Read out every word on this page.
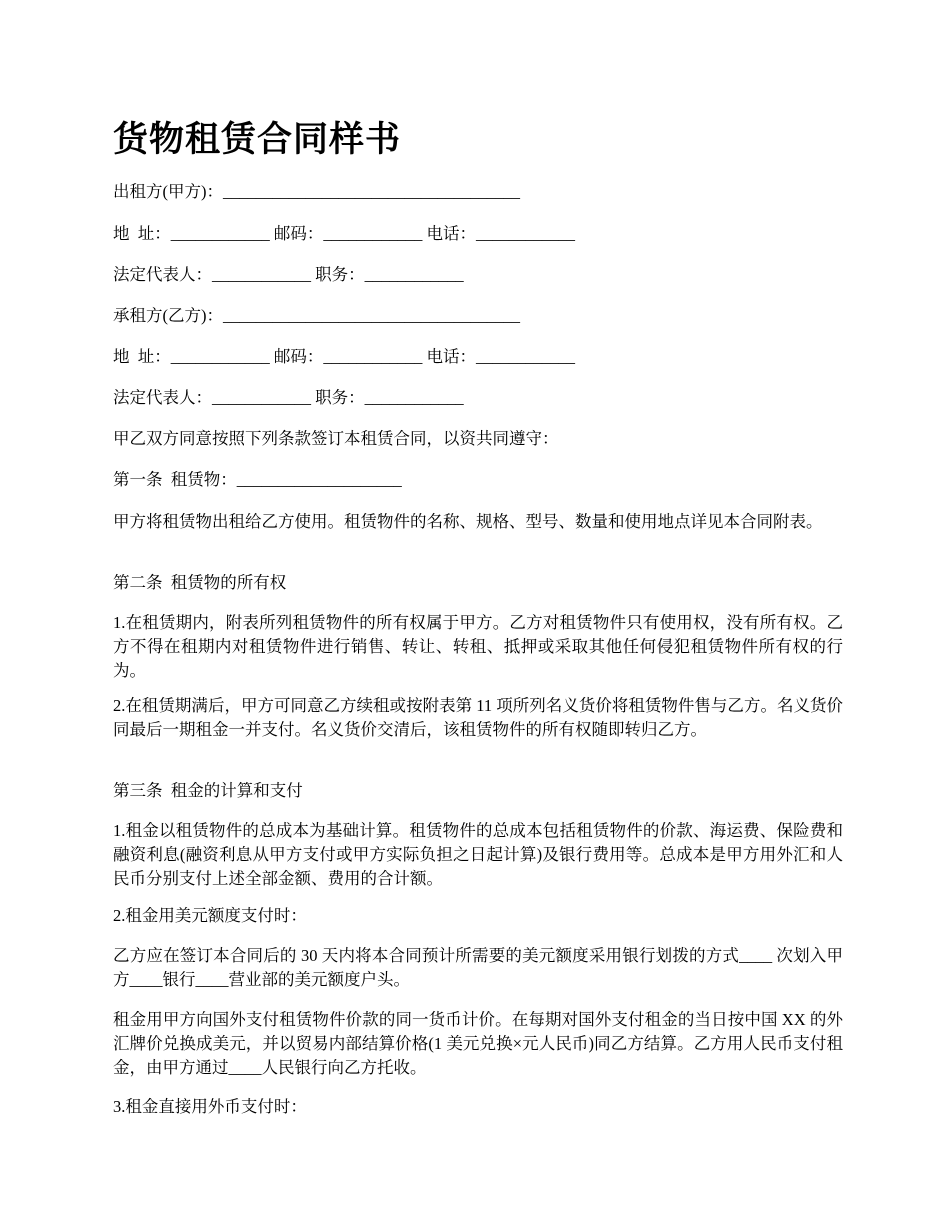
货物租赁合同样书

出租方(甲方)：____________________________________

地  址：____________ 邮码：____________ 电话：____________

法定代表人：____________ 职务：____________

承租方(乙方)：____________________________________

地  址：____________ 邮码：____________ 电话：____________

法定代表人：____________ 职务：____________

甲乙双方同意按照下列条款签订本租赁合同，以资共同遵守：

第一条  租赁物：____________________

甲方将租赁物出租给乙方使用。租赁物件的名称、规格、型号、数量和使用地点详见本合同附表。

第二条  租赁物的所有权

1.在租赁期内，附表所列租赁物件的所有权属于甲方。乙方对租赁物件只有使用权，没有所有权。乙方不得在租期内对租赁物件进行销售、转让、转租、抵押或采取其他任何侵犯租赁物件所有权的行为。

2.在租赁期满后，甲方可同意乙方续租或按附表第 11 项所列名义货价将租赁物件售与乙方。名义货价同最后一期租金一并支付。名义货价交清后，该租赁物件的所有权随即转归乙方。

第三条  租金的计算和支付

1.租金以租赁物件的总成本为基础计算。租赁物件的总成本包括租赁物件的价款、海运费、保险费和融资利息(融资利息从甲方支付或甲方实际负担之日起计算)及银行费用等。总成本是甲方用外汇和人民币分别支付上述全部金额、费用的合计额。

2.租金用美元额度支付时：

乙方应在签订本合同后的 30 天内将本合同预计所需要的美元额度采用银行划拨的方式____ 次划入甲方____银行____营业部的美元额度户头。

租金用甲方向国外支付租赁物件价款的同一货币计价。在每期对国外支付租金的当日按中国 XX 的外汇牌价兑换成美元，并以贸易内部结算价格(1 美元兑换×元人民币)同乙方结算。乙方用人民币支付租金，由甲方通过____人民银行向乙方托收。

3.租金直接用外币支付时：
